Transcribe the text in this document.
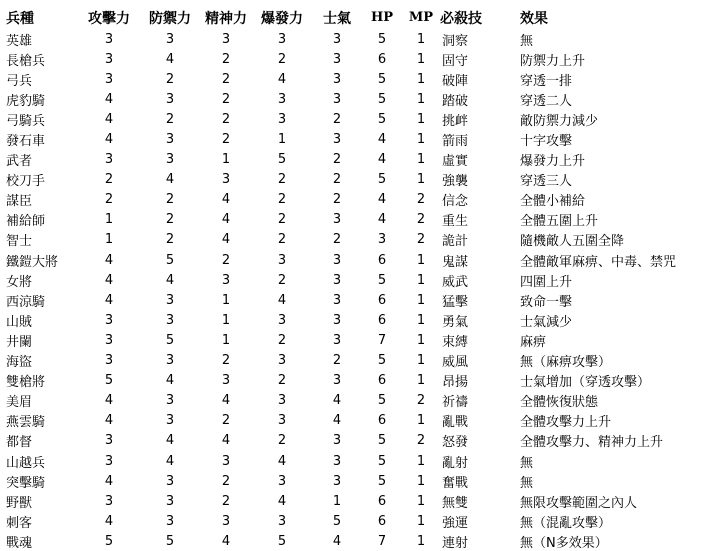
兵種	攻擊力	防禦力	精神力	爆發力	士氣	HP	MP	必殺技	效果
英雄	3	3	3	3	3	5	1	洞察	無
長槍兵	3	4	2	2	3	6	1	固守	防禦力上升
弓兵	3	2	2	4	3	5	1	破陣	穿透一排
虎豹騎	4	3	2	3	3	5	1	踏破	穿透二人
弓騎兵	4	2	2	3	2	5	1	挑衅	敵防禦力減少
發石車	4	3	2	1	3	4	1	箭雨	十字攻擊
武者	3	3	1	5	2	4	1	虛實	爆發力上升
校刀手	2	4	3	2	2	5	1	強襲	穿透三人
謀臣	2	2	4	2	2	4	2	信念	全體小補給
補給師	1	2	4	2	3	4	2	重生	全體五圍上升
智士	1	2	4	2	2	3	2	詭計	隨機敵人五圍全降
鐵鎧大將	4	5	2	3	3	6	1	鬼謀	全體敵軍麻痹、中毒、禁咒
女將	4	4	3	2	3	5	1	威武	四圍上升
西涼騎	4	3	1	4	3	6	1	猛擊	致命一擊
山賊	3	3	1	3	3	6	1	勇氣	士氣減少
井闌	3	5	1	2	3	7	1	束縛	麻痹
海盜	3	3	2	3	2	5	1	威風	無（麻痹攻擊）
雙槍將	5	4	3	2	3	6	1	昂揚	士氣增加（穿透攻擊）
美眉	4	3	4	3	4	5	2	祈禱	全體恢復狀態
燕雲騎	4	3	2	3	4	6	1	亂戰	全體攻擊力上升
都督	3	4	4	2	3	5	2	怒發	全體攻擊力、精神力上升
山越兵	3	4	3	4	3	5	1	亂射	無
突擊騎	4	3	2	3	3	5	1	奮戰	無
野獸	3	3	2	4	1	6	1	無雙	無限攻擊範圍之內人
刺客	4	3	3	3	5	6	1	強運	無（混亂攻擊）
戰魂	5	5	4	5	4	7	1	連射	無（N多效果）
